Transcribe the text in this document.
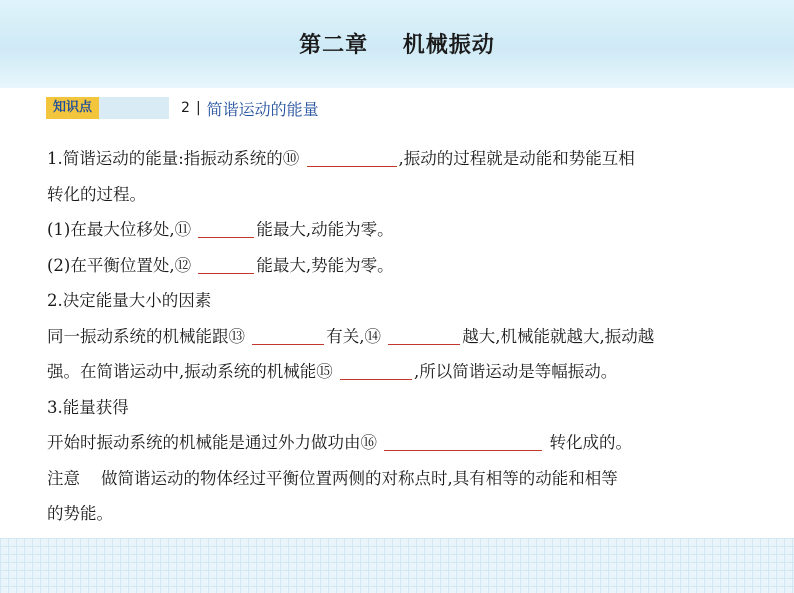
第二章    机械振动
知识点	2 | 简谐运动的能量
1.简谐运动的能量:指振动系统的⑩	,振动的过程就是动能和势能互相
转化的过程。
(1)在最大位移处,⑪	能最大,动能为零。
(2)在平衡位置处,⑫	能最大,势能为零。
2.决定能量大小的因素
同一振动系统的机械能跟⑬	有关,⑭	越大,机械能就越大,振动越
强。在简谐运动中,振动系统的机械能⑮	,所以简谐运动是等幅振动。
3.能量获得
开始时振动系统的机械能是通过外力做功由⑯	转化成的。
注意    做简谐运动的物体经过平衡位置两侧的对称点时,具有相等的动能和相等
的势能。
